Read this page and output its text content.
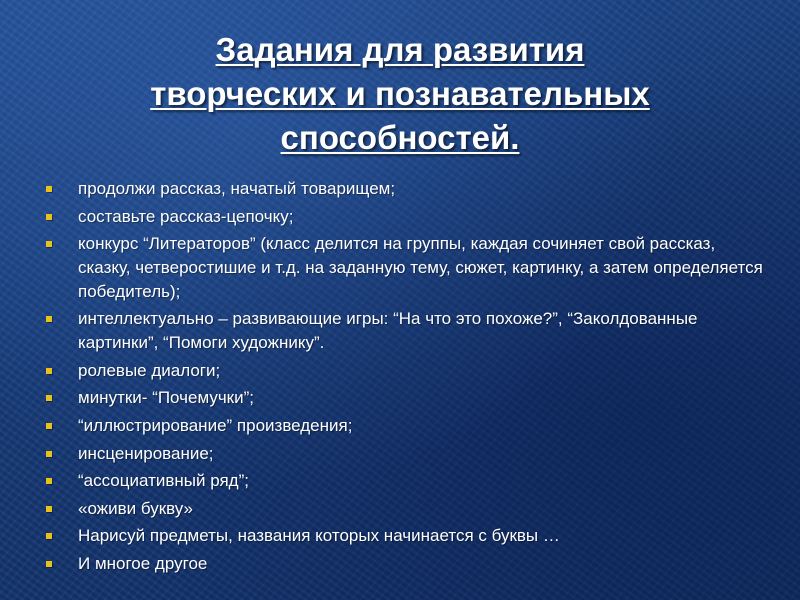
Задания для развития
творческих и познавательных
способностей.
продолжи рассказ, начатый товарищем;
составьте рассказ-цепочку;
конкурс “Литераторов” (класс делится на группы, каждая сочиняет свой рассказ, сказку, четверостишие и т.д. на заданную тему, сюжет, картинку, а затем определяется победитель);
интеллектуально – развивающие игры: “На что это похоже?”, “Заколдованные картинки”, “Помоги художнику”.
ролевые диалоги;
минутки- “Почемучки”;
“иллюстрирование” произведения;
инсценирование;
“ассоциативный ряд”;
«оживи букву»
Нарисуй предметы, названия которых начинается с буквы …
И многое другое
